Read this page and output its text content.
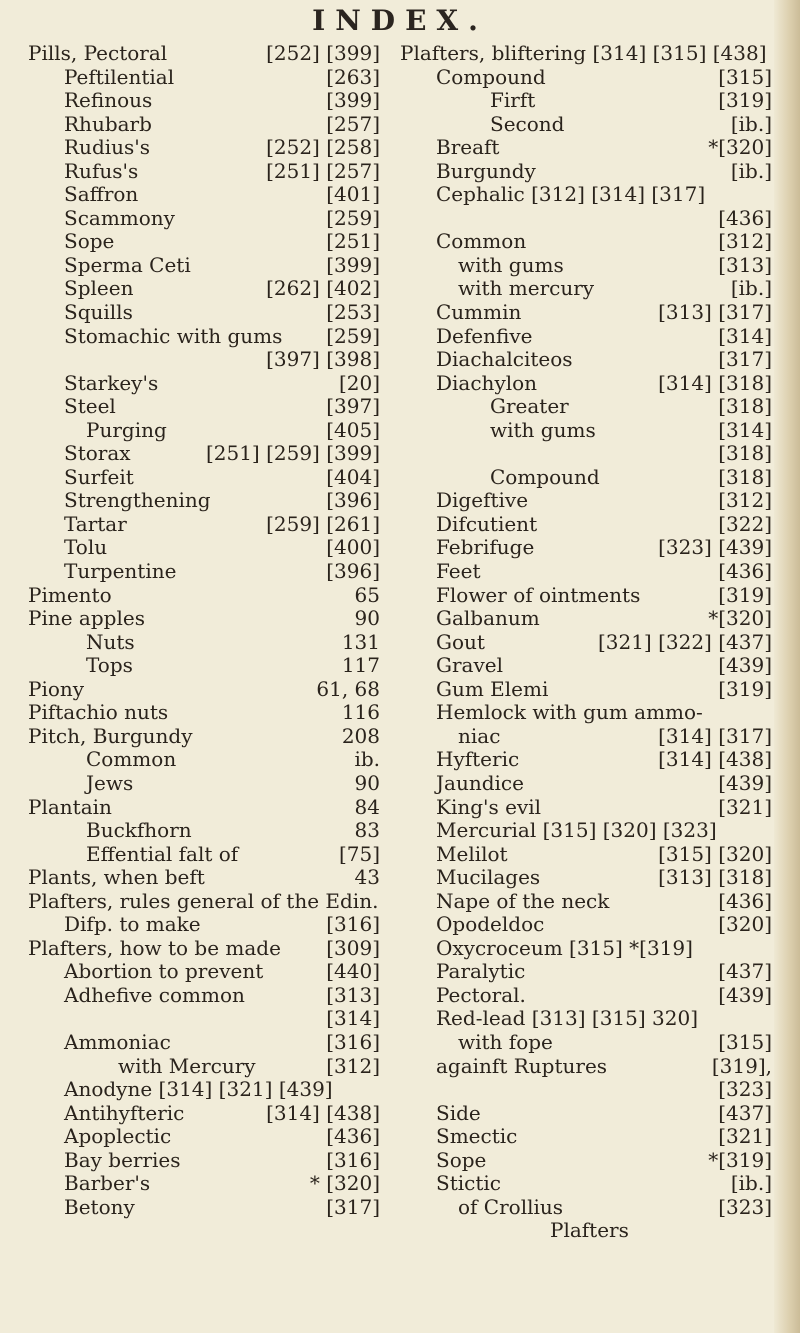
INDEX.
Pills, Pectoral	[252] [399]
Peftilential	[263]
Refinous	[399]
Rhubarb	[257]
Rudius's	[252] [258]
Rufus's	[251] [257]
Saffron	[401]
Scammony	[259]
Sope	[251]
Sperma Ceti	[399]
Spleen	[262] [402]
Squills	[253]
Stomachic with gums [259]
[397] [398]
Starkey's	[20]
Steel	[397]
Purging	[405]
Storax	[251] [259] [399]
Surfeit	[404]
Strengthening	[396]
Tartar	[259] [261]
Tolu	[400]
Turpentine	[396]
Pimento	65
Pine apples	90
Nuts	131
Tops	117
Piony	61, 68
Piftachio nuts	116
Pitch, Burgundy	208
Common	ib.
Jews	90
Plantain	84
Buckfhorn	83
Effential falt of	[75]
Plants, when beft	43
Plafters, rules general of the Edin.
Difp. to make	[316]
Plafters, how to be made [309]
Abortion to prevent	[440]
Adhefive common	[313]
[314]
Ammoniac	[316]
with Mercury	[312]
Anodyne [314] [321] [439]
Antihyfteric	[314] [438]
Apoplectic	[436]
Bay berries	[316]
Barber's	* [320]
Betony	[317]
Plafters, bliftering [314] [315] [438]
Compound	[315]
Firft	[319]
Second	[ib.]
Breaft	*[320]
Burgundy	[ib.]
Cephalic [312] [314] [317]
[436]
Common	[312]
with gums	[313]
with mercury	[ib.]
Cummin	[313] [317]
Defenfive	[314]
Diachalciteos	[317]
Diachylon	[314] [318]
Greater	[318]
with gums	[314]
[318]
Compound	[318]
Digeftive	[312]
Difcutient	[322]
Febrifuge	[323] [439]
Feet	[436]
Flower of ointments	[319]
Galbanum	*[320]
Gout	[321] [322] [437]
Gravel	[439]
Gum Elemi	[319]
Hemlock with gum ammo-
niac	[314] [317]
Hyfteric	[314] [438]
Jaundice	[439]
King's evil	[321]
Mercurial [315] [320] [323]
Melilot	[315] [320]
Mucilages	[313] [318]
Nape of the neck	[436]
Opodeldoc	[320]
Oxycroceum [315] *[319]
Paralytic	[437]
Pectoral.	[439]
Red-lead [313] [315] 320]
with fope	[315]
againft Ruptures	[319],
[323]
Side	[437]
Smectic	[321]
Sope	*[319]
Stictic	[ib.]
of Crollius	[323]
Plafters
